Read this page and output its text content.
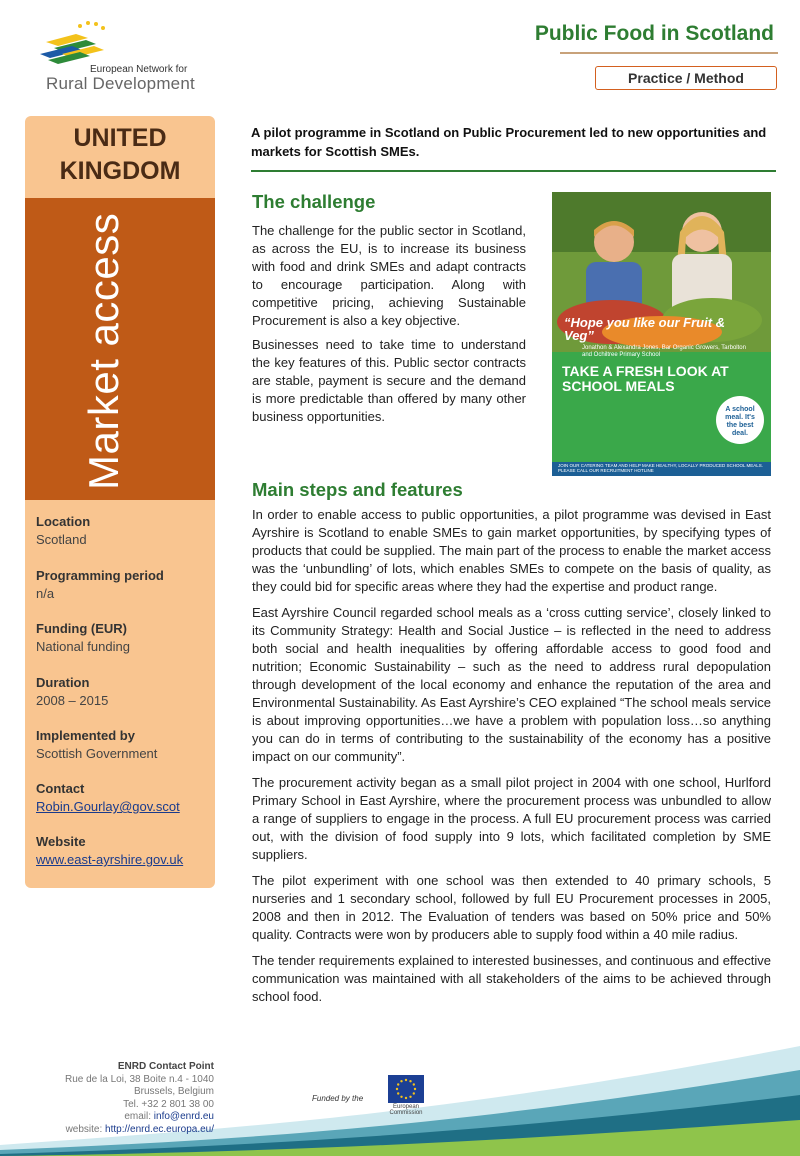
European Network for
Rural Development
Public Food in Scotland
Practice / Method
UNITED KINGDOM
Market access
Location
Scotland
Programming period
n/a
Funding (EUR)
National funding
Duration
2008 – 2015
Implemented by
Scottish Government
Contact
Robin.Gourlay@gov.scot
Website
www.east-ayrshire.gov.uk
A pilot programme in Scotland on Public Procurement led to new opportunities and markets for Scottish SMEs.
The challenge

The challenge for the public sector in Scotland, as across the EU, is to increase its business with food and drink SMEs and adapt contracts to encourage participation. Along with competitive pricing, achieving Sustainable Procurement is also a key objective.

Businesses need to take time to understand the key features of this. Public sector contracts are stable, payment is secure and the demand is more predictable than offered by many other business opportunities.

“Hope you like our Fruit & Veg”
Jonathon & Alexandra Jones, Bar Organic Growers, Tarbolton and Ochiltree Primary School
TAKE A FRESH LOOK AT SCHOOL MEALS
A school meal. It's the best deal.
JOIN OUR CATERING TEAM AND HELP MAKE HEALTHY, LOCALLY PRODUCED SCHOOL MEALS. PLEASE CALL OUR RECRUITMENT HOTLINE
Main steps and features

In order to enable access to public opportunities, a pilot programme was devised in East Ayrshire is Scotland to enable SMEs to gain market opportunities, by specifying types of products that could be supplied. The main part of the process to enable the market access was the ‘unbundling’ of lots, which enables SMEs to compete on the basis of quality, as they could bid for specific areas where they had the expertise and product range.

East Ayrshire Council regarded school meals as a ‘cross cutting service’, closely linked to its Community Strategy: Health and Social Justice – is reflected in the need to address both social and health inequalities by offering affordable access to good food and nutrition; Economic Sustainability – such as the need to address rural depopulation through development of the local economy and enhance the reputation of the area and Environmental Sustainability. As East Ayrshire’s CEO explained “The school meals service is about improving opportunities…we have a problem with population loss…so anything you can do in terms of contributing to the sustainability of the economy has a positive impact on our community”.

The procurement activity began as a small pilot project in 2004 with one school, Hurlford Primary School in East Ayrshire, where the procurement process was unbundled to allow a range of suppliers to engage in the process. A full EU procurement process was carried out, with the division of food supply into 9 lots, which facilitated completion by SME suppliers.

The pilot experiment with one school was then extended to 40 primary schools, 5 nurseries and 1 secondary school, followed by full EU Procurement processes in 2005, 2008 and then in 2012. The Evaluation of tenders was based on 50% price and 50% quality. Contracts were won by producers able to supply food within a 40 mile radius.

The tender requirements explained to interested businesses, and continuous and effective communication was maintained with all stakeholders of the aims to be achieved through school food.

ENRD Contact Point
Rue de la Loi, 38 Boite n.4 - 1040
Brussels, Belgium
Tel. +32 2 801 38 00
email: info@enrd.eu
website: http://enrd.ec.europa.eu/
Funded by the
European Commission
